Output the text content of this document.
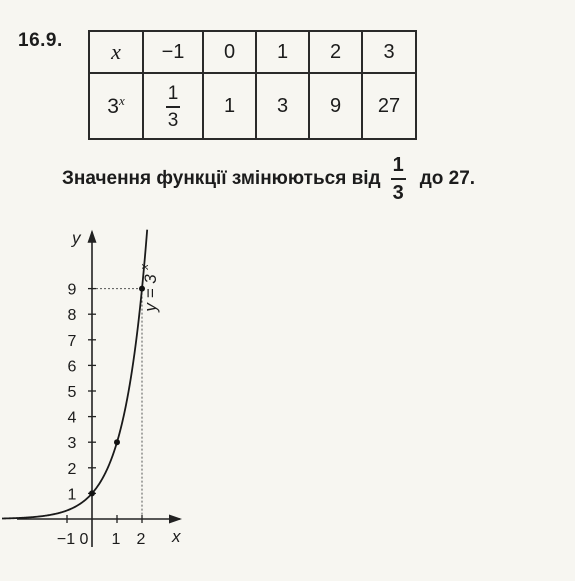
16.9. x	−1	0	1	2	3
3$^x$	$\frac{1}{3}$	1	3	9	27
Значення функції змінюються від $\frac{1}{3}$ до 27.
1
2
3
4
5
6
7
8
9
−1 0 1 2 x
y
y = 3
x
